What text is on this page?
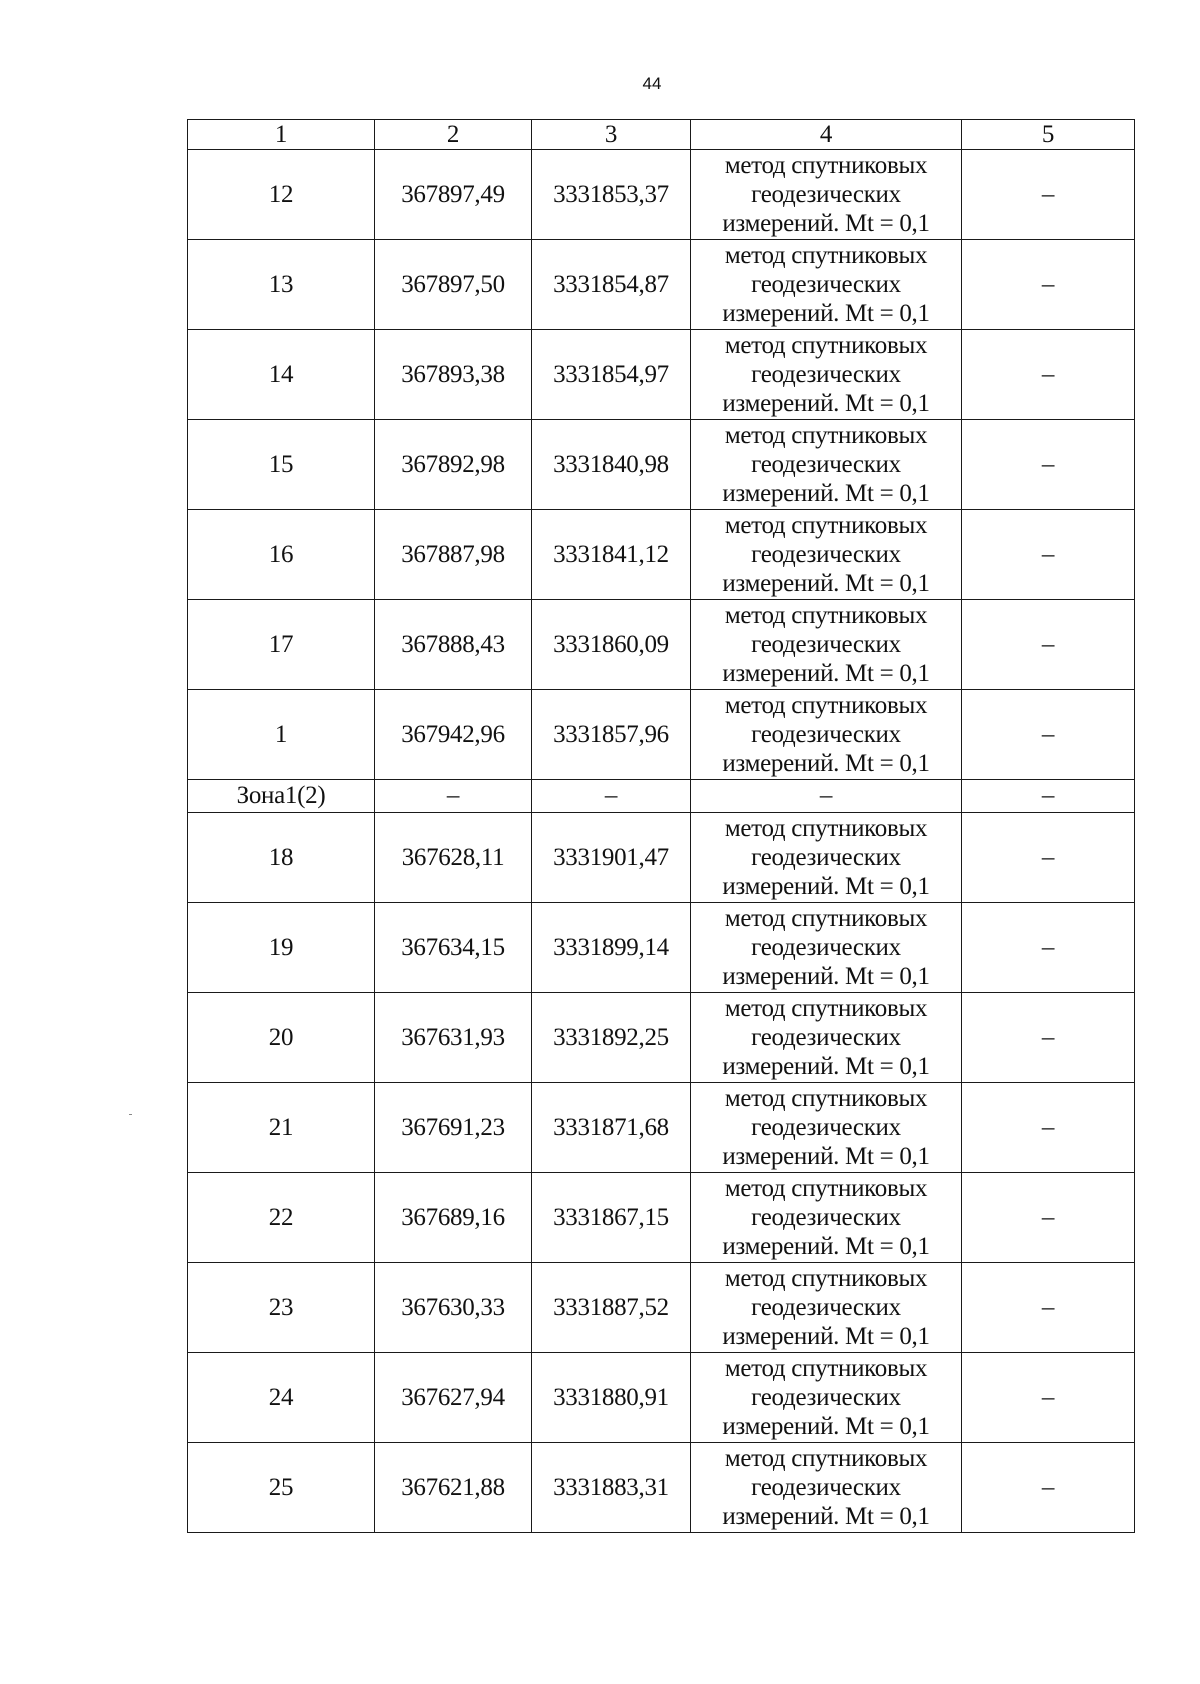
44
1	2	3	4	5
12	367897,49	3331853,37	метод спутниковых
геодезических
измерений. Mt = 0,1	–
13	367897,50	3331854,87	метод спутниковых
геодезических
измерений. Mt = 0,1	–
14	367893,38	3331854,97	метод спутниковых
геодезических
измерений. Mt = 0,1	–
15	367892,98	3331840,98	метод спутниковых
геодезических
измерений. Mt = 0,1	–
16	367887,98	3331841,12	метод спутниковых
геодезических
измерений. Mt = 0,1	–
17	367888,43	3331860,09	метод спутниковых
геодезических
измерений. Mt = 0,1	–
1	367942,96	3331857,96	метод спутниковых
геодезических
измерений. Mt = 0,1	–
Зона1(2)	–	–	–	–
18	367628,11	3331901,47	метод спутниковых
геодезических
измерений. Mt = 0,1	–
19	367634,15	3331899,14	метод спутниковых
геодезических
измерений. Mt = 0,1	–
20	367631,93	3331892,25	метод спутниковых
геодезических
измерений. Mt = 0,1	–
21	367691,23	3331871,68	метод спутниковых
геодезических
измерений. Mt = 0,1	–
22	367689,16	3331867,15	метод спутниковых
геодезических
измерений. Mt = 0,1	–
23	367630,33	3331887,52	метод спутниковых
геодезических
измерений. Mt = 0,1	–
24	367627,94	3331880,91	метод спутниковых
геодезических
измерений. Mt = 0,1	–
25	367621,88	3331883,31	метод спутниковых
геодезических
измерений. Mt = 0,1	–
